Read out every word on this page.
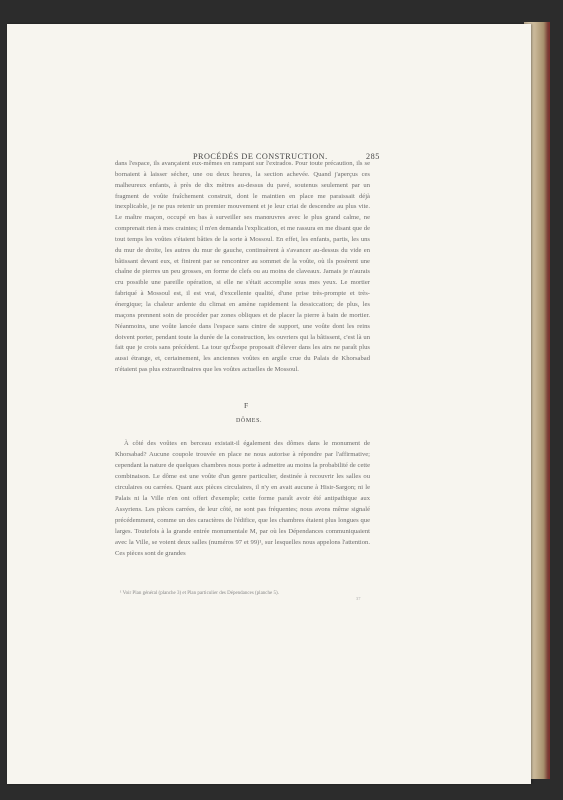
PROCÉDÉS DE CONSTRUCTION.	285

dans l'espace, ils avançaient eux-mêmes en rampant sur l'extrados. Pour toute précaution, ils se bornaient à laisser sécher, une ou deux heures, la section achevée. Quand j'aperçus ces malheureux enfants, à près de dix mètres au-dessus du pavé, soutenus seulement par un fragment de voûte fraîchement construit, dont le maintien en place me paraissait déjà inexplicable, je ne pus retenir un premier mouvement et je leur criai de descendre au plus vite. Le maître maçon, occupé en bas à surveiller ses manœuvres avec le plus grand calme, ne comprenait rien à mes craintes; il m'en demanda l'explication, et me rassura en me disant que de tout temps les voûtes s'étaient bâties de la sorte à Mossoul. En effet, les enfants, partis, les uns du mur de droite, les autres du mur de gauche, continuèrent à s'avancer au-dessus du vide en bâtissant devant eux, et finirent par se rencontrer au sommet de la voûte, où ils posèrent une chaîne de pierres un peu grosses, en forme de clefs ou au moins de claveaux. Jamais je n'aurais cru possible une pareille opération, si elle ne s'était accomplie sous mes yeux. Le mortier fabriqué à Mossoul est, il est vrai, d'excellente qualité, d'une prise très-prompte et très-énergique; la chaleur ardente du climat en amène rapidement la dessiccation; de plus, les maçons prennent soin de procéder par zones obliques et de placer la pierre à bain de mortier. Néanmoins, une voûte lancée dans l'espace sans cintre de support, une voûte dont les reins doivent porter, pendant toute la durée de la construction, les ouvriers qui la bâtissent, c'est là un fait que je crois sans précédent. La tour qu'Ésope proposait d'élever dans les airs ne paraît plus aussi étrange, et, certainement, les anciennes voûtes en argile crue du Palais de Khorsabad n'étaient pas plus extraordinaires que les voûtes actuelles de Mossoul.

F
DÔMES.

À côté des voûtes en berceau existait-il également des dômes dans le monument de Khorsabad? Aucune coupole trouvée en place ne nous autorise à répondre par l'affirmative; cependant la nature de quelques chambres nous porte à admettre au moins la probabilité de cette combinaison. Le dôme est une voûte d'un genre particulier, destinée à recouvrir les salles ou circulaires ou carrées. Quant aux pièces circulaires, il n'y en avait aucune à Hisir-Sargon; ni le Palais ni la Ville n'en ont offert d'exemple; cette forme paraît avoir été antipathique aux Assyriens. Les pièces carrées, de leur côté, ne sont pas fréquentes; nous avons même signalé précédemment, comme un des caractères de l'édifice, que les chambres étaient plus longues que larges. Toutefois à la grande entrée monumentale M, par où les Dépendances communiquaient avec la Ville, se voient deux salles (numéros 97 et 99)¹, sur lesquelles nous appelons l'attention. Ces pièces sont de grandes

¹ Voir Plan général (planche 3) et Plan particulier des Dépendances (planche 5).
37
